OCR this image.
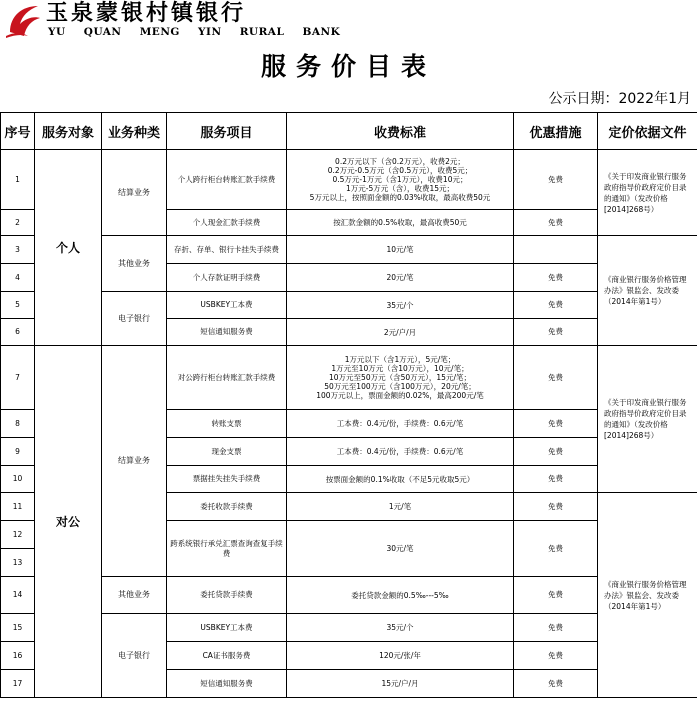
玉泉蒙银村镇银行
YU QUAN MENG YIN RURAL BANK
服务价目表
公示日期：2022年1月
序号	服务对象	业务种类	服务项目	收费标准	优惠措施	定价依据文件
1	个人	结算业务	个人跨行柜台转账汇款手续费	0.2万元以下（含0.2万元），收费2元；
0.2万元-0.5万元（含0.5万元），收费5元；
0.5万元-1万元（含1万元），收费10元；
1万元-5万元（含），收费15元；
5万元以上，按照面金额的0.03%收取，最高收费50元	免费	《关于印发商业银行服务政府指导价政府定价目录的通知》（发改价格[2014]268号）
2			个人现金汇款手续费	按汇款金额的0.5%收取，最高收费50元	免费	
3		其他业务	存折、存单、银行卡挂失手续费	10元/笔		《商业银行服务价格管理办法》银监会、发改委（2014年第1号）
4			个人存款证明手续费	20元/笔	免费	
5		电子银行	USBKEY工本费	35元/个	免费	
6			短信通知服务费	2元/户/月	免费	
7	对公	结算业务	对公跨行柜台转账汇款手续费	1万元以下（含1万元），5元/笔；
1万元至10万元（含10万元），10元/笔；
10万元至50万元（含50万元），15元/笔；
50万元至100万元（含100万元），20元/笔；
100万元以上，票面金额的0.02%，最高200元/笔	免费	《关于印发商业银行服务政府指导价政府定价目录的通知》（发改价格[2014]268号）
8			转账支票	工本费：0.4元/份，手续费：0.6元/笔	免费	
9			现金支票	工本费：0.4元/份，手续费：0.6元/笔	免费	
10			票据挂失挂失手续费	按票面金额的0.1%收取（不足5元收取5元）	免费	
11			委托收款手续费	1元/笔	免费	《商业银行服务价格管理办法》银监会、发改委（2014年第1号）
12			跨系统银行承兑汇票查询查复手续费	30元/笔	免费	
13						
14		其他业务	委托贷款手续费	委托贷款金额的0.5‰---5‰	免费	
15		电子银行	USBKEY工本费	35元/个	免费	
16			CA证书服务费	120元/张/年	免费	
17			短信通知服务费	15元/户/月	免费	
